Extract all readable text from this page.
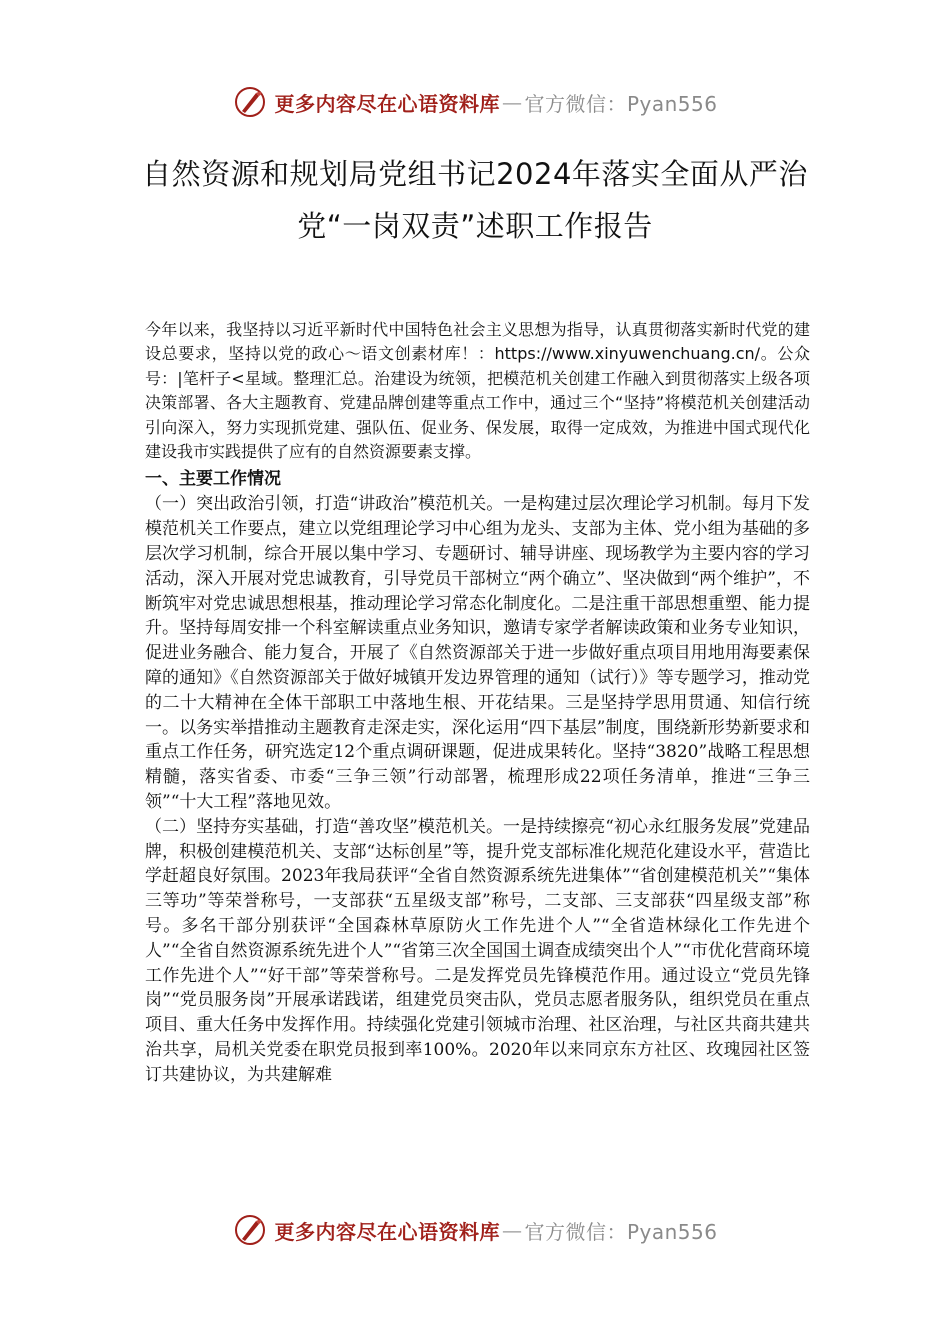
更多内容尽在心语资料库 — 官方微信：Pyan556
自然资源和规划局党组书记2024年落实全面从严治
党“一岗双责”述职工作报告

今年以来，我坚持以习近平新时代中国特色社会主义思想为指导，认真贯彻落实新时代党的建设总要求，坚持以党的政心～语文创素材库！：https://www.xinyuwenchuang.cn/。公众号：|笔杆子<星域。整理汇总。治建设为统领，把模范机关创建工作融入到贯彻落实上级各项决策部署、各大主题教育、党建品牌创建等重点工作中，通过三个“坚持”将模范机关创建活动引向深入，努力实现抓党建、强队伍、促业务、保发展，取得一定成效，为推进中国式现代化建设我市实践提供了应有的自然资源要素支撑。

一、主要工作情况

（一）突出政治引领，打造“讲政治”模范机关。一是构建过层次理论学习机制。每月下发模范机关工作要点，建立以党组理论学习中心组为龙头、支部为主体、党小组为基础的多层次学习机制，综合开展以集中学习、专题研讨、辅导讲座、现场教学为主要内容的学习活动，深入开展对党忠诚教育，引导党员干部树立“两个确立”、坚决做到“两个维护”，不断筑牢对党忠诚思想根基，推动理论学习常态化制度化。二是注重干部思想重塑、能力提升。坚持每周安排一个科室解读重点业务知识，邀请专家学者解读政策和业务专业知识，促进业务融合、能力复合，开展了《自然资源部关于进一步做好重点项目用地用海要素保障的通知》《自然资源部关于做好城镇开发边界管理的通知（试行）》等专题学习，推动党的二十大精神在全体干部职工中落地生根、开花结果。三是坚持学思用贯通、知信行统一。以务实举措推动主题教育走深走实，深化运用“四下基层”制度，围绕新形势新要求和重点工作任务，研究选定12个重点调研课题，促进成果转化。坚持“3820”战略工程思想精髓，落实省委、市委“三争三领”行动部署，梳理形成22项任务清单，推进“三争三领”“十大工程”落地见效。

（二）坚持夯实基础，打造“善攻坚”模范机关。一是持续擦亮“初心永红服务发展”党建品牌，积极创建模范机关、支部“达标创星”等，提升党支部标准化规范化建设水平，营造比学赶超良好氛围。2023年我局获评“全省自然资源系统先进集体”“省创建模范机关”“集体三等功”等荣誉称号，一支部获“五星级支部”称号，二支部、三支部获“四星级支部”称号。多名干部分别获评“全国森林草原防火工作先进个人”“全省造林绿化工作先进个人”“全省自然资源系统先进个人”“省第三次全国国土调查成绩突出个人”“市优化营商环境工作先进个人”“好干部”等荣誉称号。二是发挥党员先锋模范作用。通过设立“党员先锋岗”“党员服务岗”开展承诺践诺，组建党员突击队，党员志愿者服务队，组织党员在重点项目、重大任务中发挥作用。持续强化党建引领城市治理、社区治理，与社区共商共建共治共享，局机关党委在职党员报到率100%。2020年以来同京东方社区、玫瑰园社区签订共建协议，为共建解难

更多内容尽在心语资料库 — 官方微信：Pyan556
